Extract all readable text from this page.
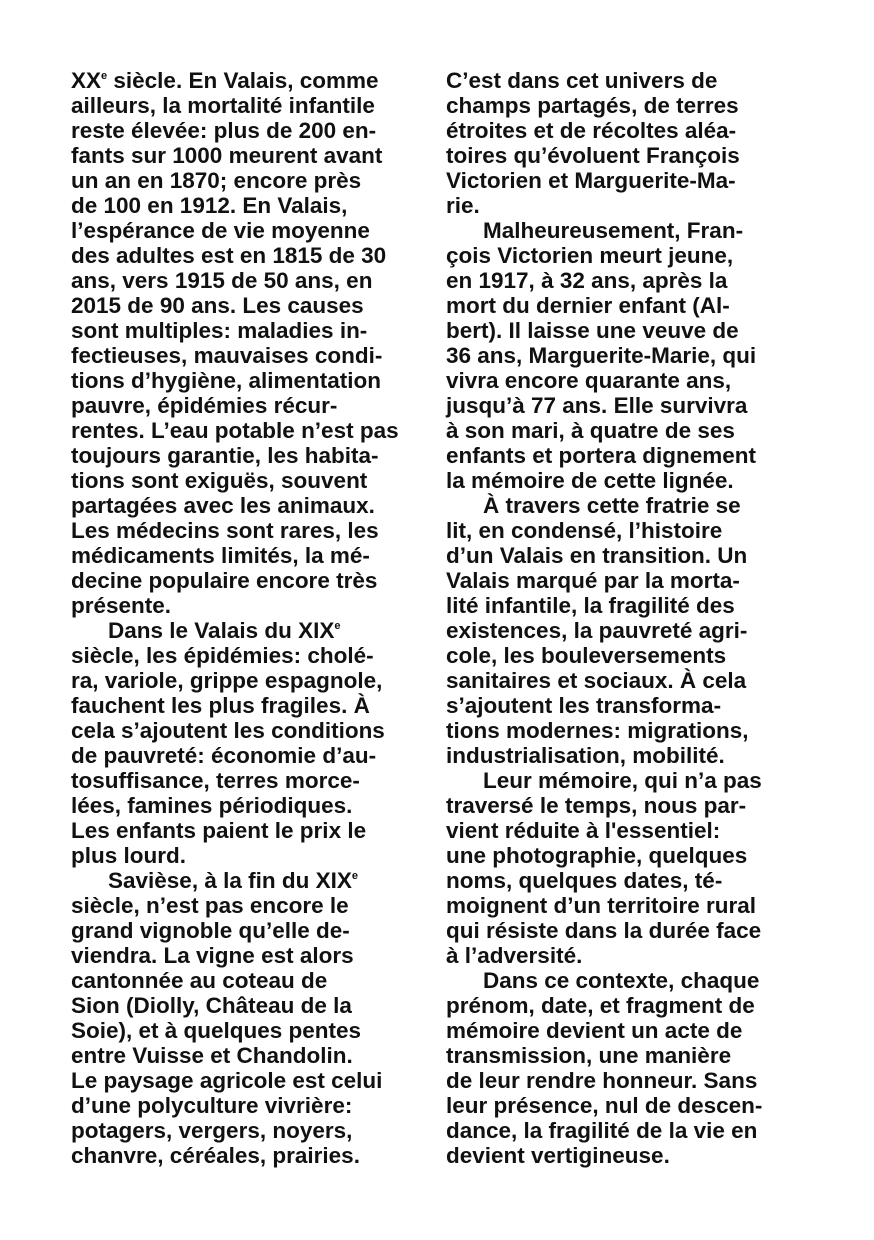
XXe siècle. En Valais, comme
ailleurs, la mortalité infantile
reste élevée: plus de 200 en-
fants sur 1000 meurent avant
un an en 1870; encore près
de 100 en 1912. En Valais,
l’espérance de vie moyenne
des adultes est en 1815 de 30
ans, vers 1915 de 50 ans, en
2015 de 90 ans. Les causes
sont multiples: maladies in-
fectieuses, mauvaises condi-
tions d’hygiène, alimentation
pauvre, épidémies récur-
rentes. L’eau potable n’est pas
toujours garantie, les habita-
tions sont exiguës, souvent
partagées avec les animaux.
Les médecins sont rares, les
médicaments limités, la mé-
decine populaire encore très
présente.
Dans le Valais du XIXe
siècle, les épidémies: cholé-
ra, variole, grippe espagnole,
fauchent les plus fragiles. À
cela s’ajoutent les conditions
de pauvreté: économie d’au-
tosuffisance, terres morce-
lées, famines périodiques.
Les enfants paient le prix le
plus lourd.
Savièse, à la fin du XIXe
siècle, n’est pas encore le
grand vignoble qu’elle de-
viendra. La vigne est alors
cantonnée au coteau de
Sion (Diolly, Château de la
Soie), et à quelques pentes
entre Vuisse et Chandolin.
Le paysage agricole est celui
d’une polyculture vivrière:
potagers, vergers, noyers,
chanvre, céréales, prairies.
C’est dans cet univers de
champs partagés, de terres
étroites et de récoltes aléa-
toires qu’évoluent François
Victorien et Marguerite-Ma-
rie.
Malheureusement, Fran-
çois Victorien meurt jeune,
en 1917, à 32 ans, après la
mort du dernier enfant (Al-
bert). Il laisse une veuve de
36 ans, Marguerite-Marie, qui
vivra encore quarante ans,
jusqu’à 77 ans. Elle survivra
à son mari, à quatre de ses
enfants et portera dignement
la mémoire de cette lignée.
À travers cette fratrie se
lit, en condensé, l’histoire
d’un Valais en transition. Un
Valais marqué par la morta-
lité infantile, la fragilité des
existences, la pauvreté agri-
cole, les bouleversements
sanitaires et sociaux. À cela
s’ajoutent les transforma-
tions modernes: migrations,
industrialisation, mobilité.
Leur mémoire, qui n’a pas
traversé le temps, nous par-
vient réduite à l'essentiel:
une photographie, quelques
noms, quelques dates, té-
moignent d’un territoire rural
qui résiste dans la durée face
à l’adversité.
Dans ce contexte, chaque
prénom, date, et fragment de
mémoire devient un acte de
transmission, une manière
de leur rendre honneur. Sans
leur présence, nul de descen-
dance, la fragilité de la vie en
devient vertigineuse.
